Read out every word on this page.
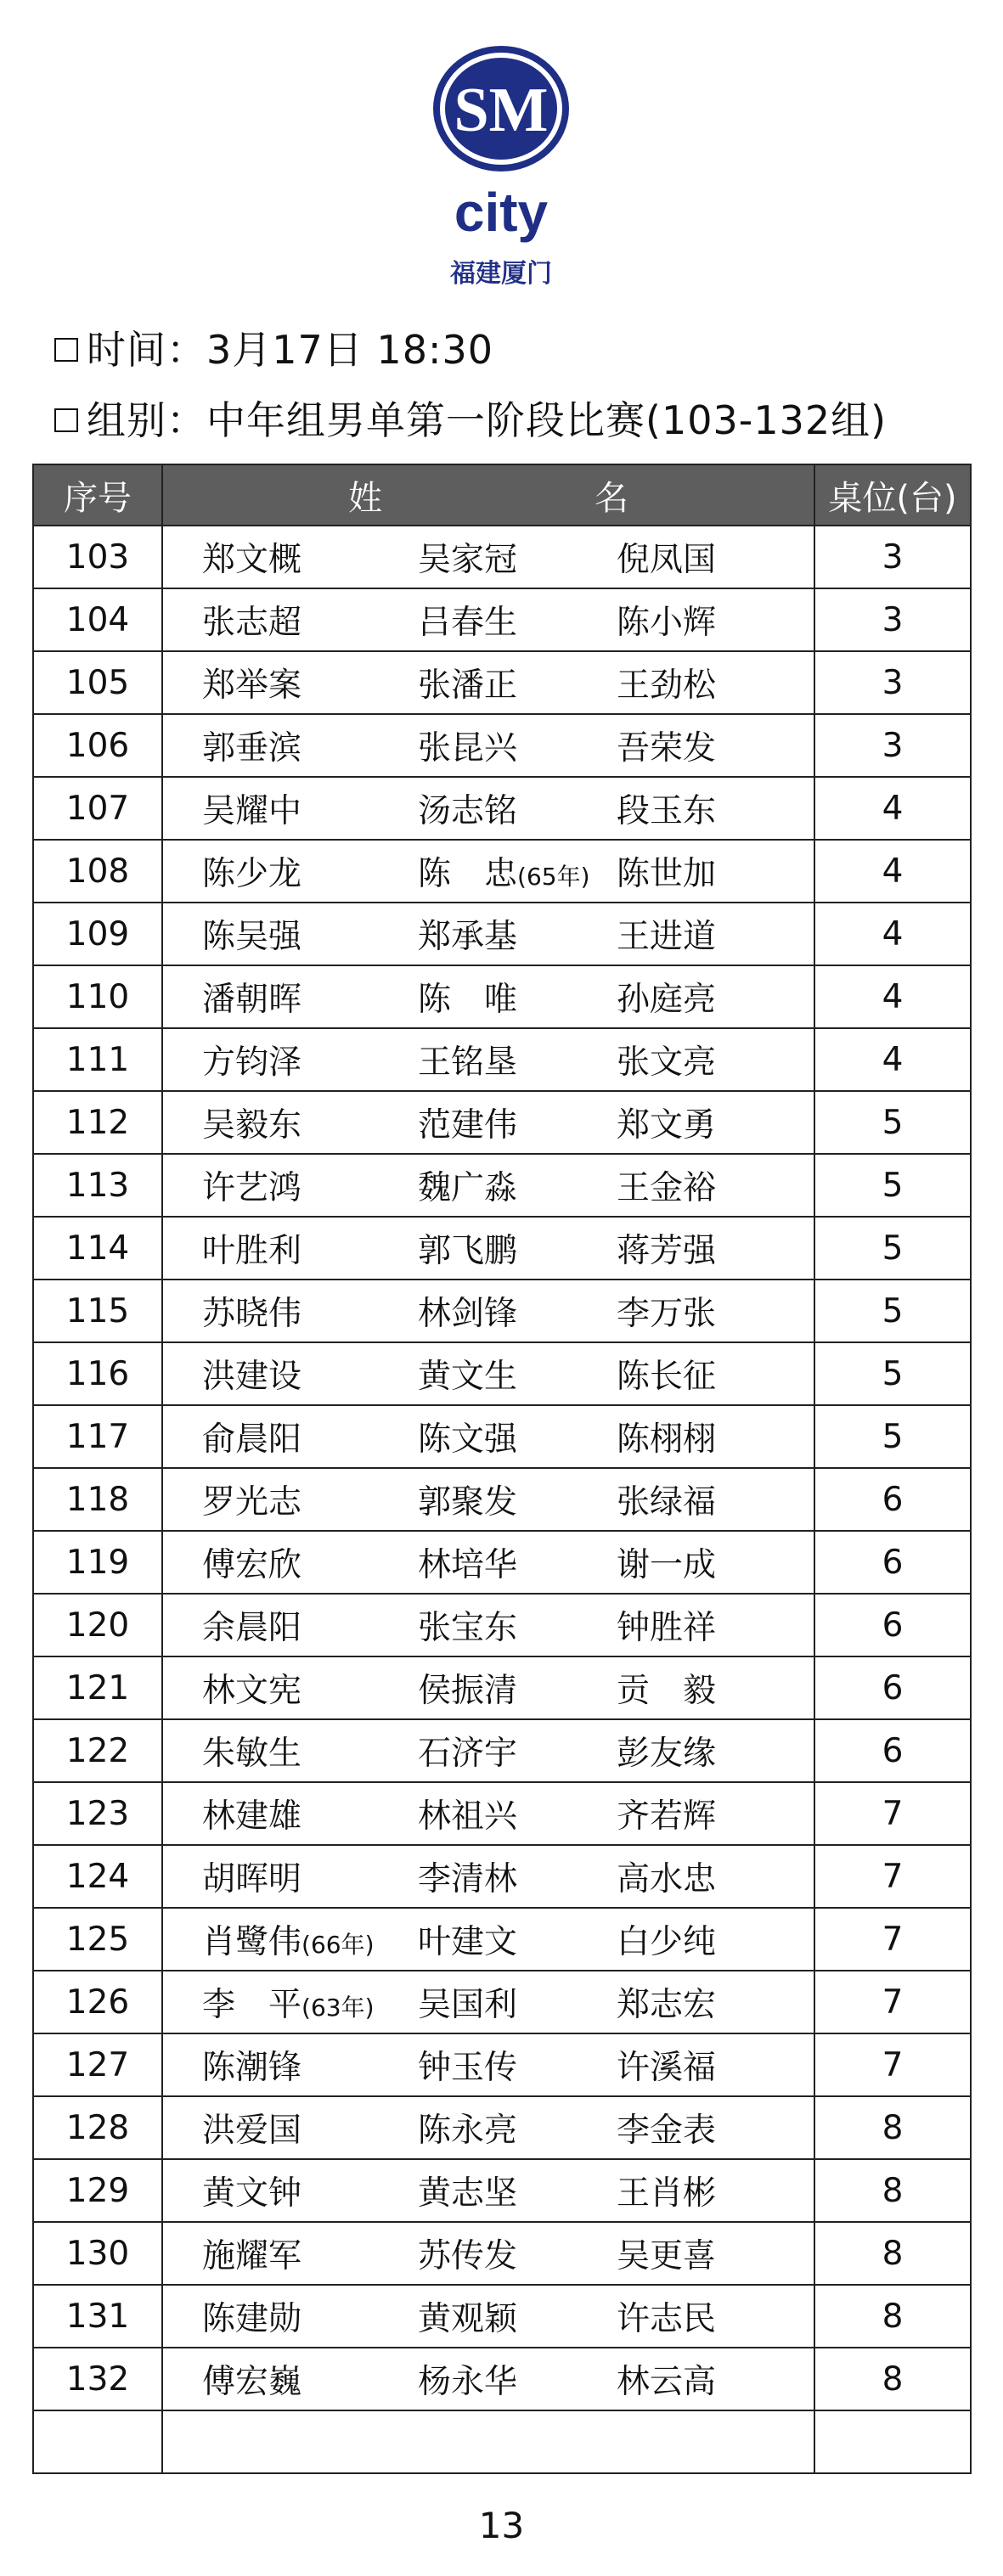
SM
city
福建厦门
时间：3月17日 18:30
组别：中年组男单第一阶段比赛(103-132组)
序号	姓 名	桌位(台)
103	郑文概 吴家冠 倪凤国	3
104	张志超 吕春生 陈小辉	3
105	郑举案 张潘正 王劲松	3
106	郭垂滨 张昆兴 吾荣发	3
107	吴耀中 汤志铭 段玉东	4
108	陈少龙 陈　忠(65年) 陈世加	4
109	陈吴强 郑承基 王进道	4
110	潘朝晖 陈　唯 孙庭亮	4
111	方钧泽 王铭垦 张文亮	4
112	吴毅东 范建伟 郑文勇	5
113	许艺鸿 魏广淼 王金裕	5
114	叶胜利 郭飞鹏 蒋芳强	5
115	苏晓伟 林剑锋 李万张	5
116	洪建设 黄文生 陈长征	5
117	俞晨阳 陈文强 陈栩栩	5
118	罗光志 郭聚发 张绿福	6
119	傅宏欣 林培华 谢一成	6
120	余晨阳 张宝东 钟胜祥	6
121	林文宪 侯振清 贡　毅	6
122	朱敏生 石济宇 彭友缘	6
123	林建雄 林祖兴 齐若辉	7
124	胡晖明 李清林 高水忠	7
125	肖鹭伟(66年) 叶建文 白少纯	7
126	李　平(63年) 吴国利 郑志宏	7
127	陈潮锋 钟玉传 许溪福	7
128	洪爱国 陈永亮 李金表	8
129	黄文钟 黄志坚 王肖彬	8
130	施耀军 苏传发 吴更喜	8
131	陈建勋 黄观颖 许志民	8
132	傅宏巍 杨永华 林云高	8

13
